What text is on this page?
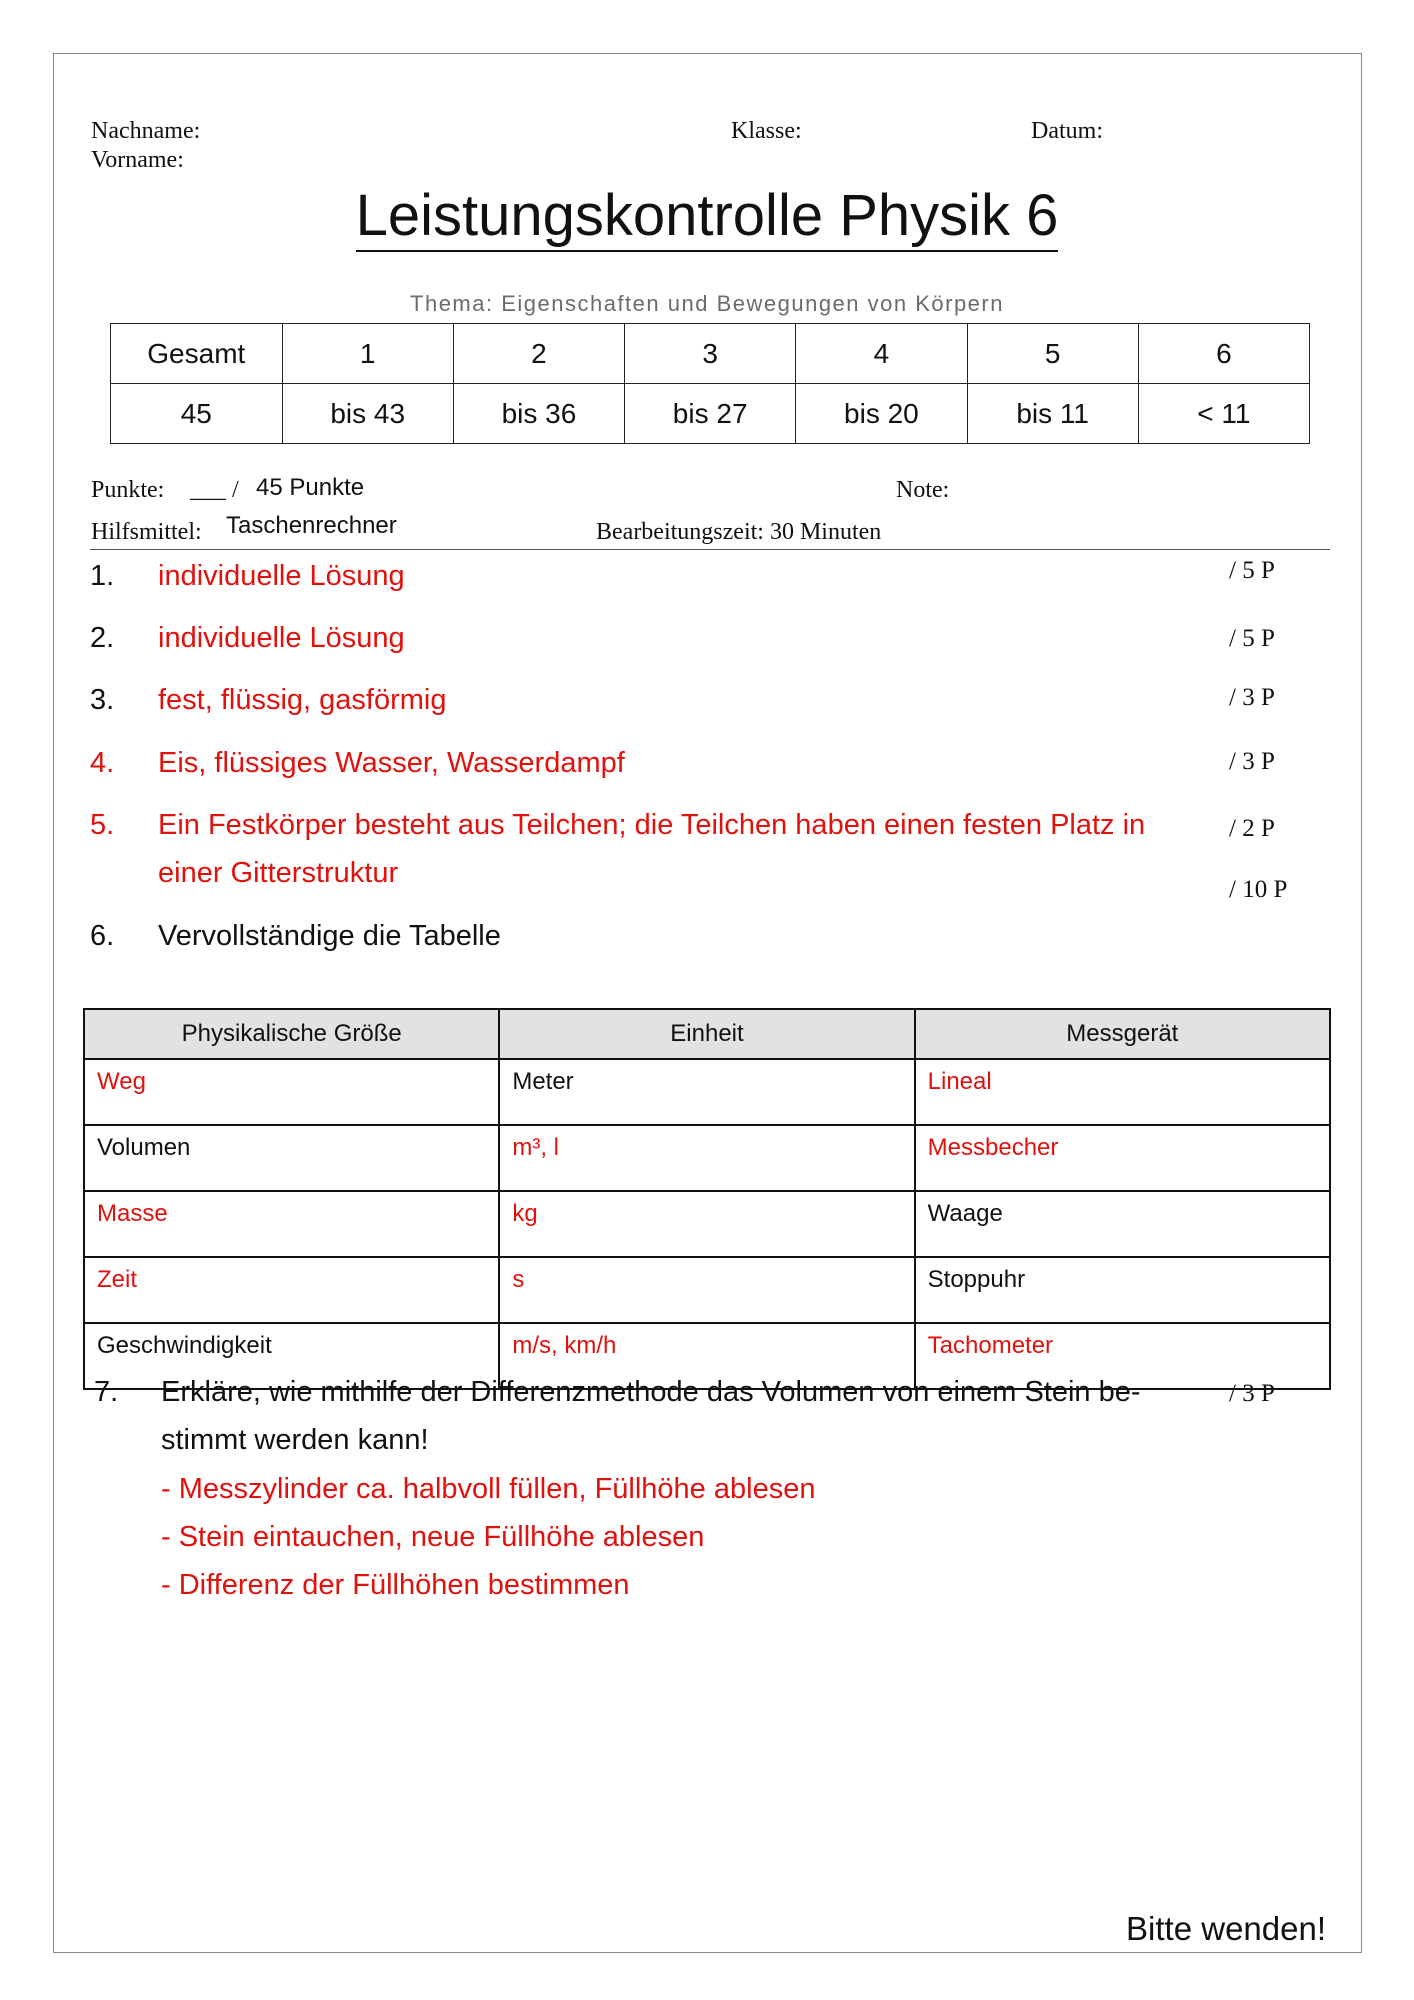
Nachname:
Vorname:
Klasse:	Datum:
Leistungskontrolle Physik 6
Thema: Eigenschaften und Bewegungen von Körpern
Gesamt	1	2	3	4	5	6
45	bis 43	bis 36	bis 27	bis 20	bis 11	< 11
Punkte: ___ / 45 Punkte	Note:
Hilfsmittel: Taschenrechner	Bearbeitungszeit: 30 Minuten
1. individuelle Lösung	/ 5 P
2. individuelle Lösung	/ 5 P
3. fest, flüssig, gasförmig	/ 3 P
4. Eis, flüssiges Wasser, Wasserdampf	/ 3 P
5. Ein Festkörper besteht aus Teilchen; die Teilchen haben einen festen Platz in
einer Gitterstruktur
/ 2 P
/ 10 P
6. Vervollständige die Tabelle
Physikalische Größe	Einheit	Messgerät
Weg	Meter	Lineal
Volumen	m³, l	Messbecher
Masse	kg	Waage
Zeit	s	Stoppuhr
Geschwindigkeit	m/s, km/h	Tachometer
7. Erkläre, wie mithilfe der Differenzmethode das Volumen von einem Stein be-
stimmt werden kann!
- Messzylinder ca. halbvoll füllen, Füllhöhe ablesen
- Stein eintauchen, neue Füllhöhe ablesen
- Differenz der Füllhöhen bestimmen
/ 3 P
Bitte wenden!
